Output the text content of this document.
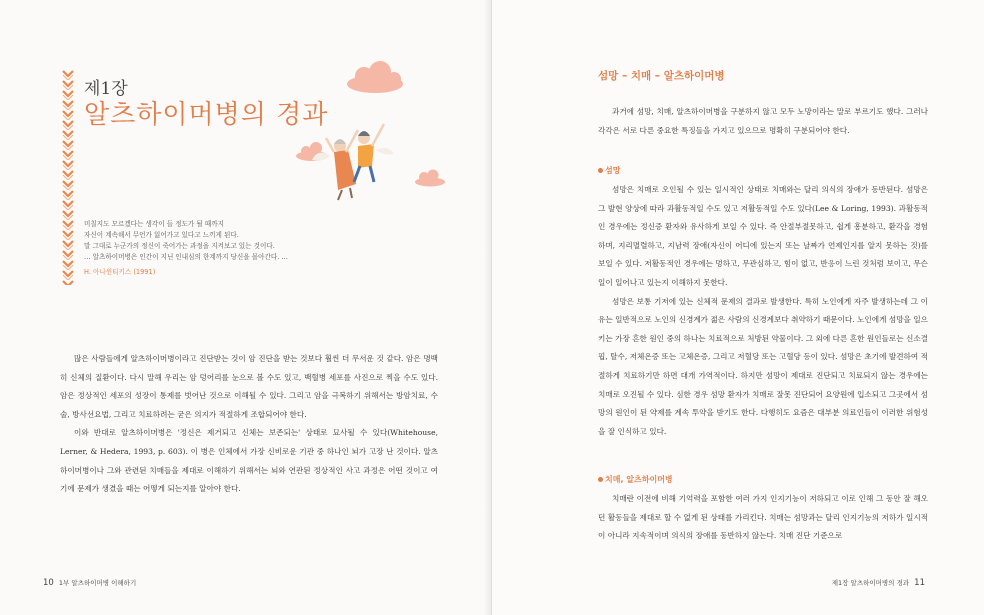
제1장
알츠하이머병의 경과

미칠지도 모르겠다는 생각이 들 정도가 될 때까지

자신이 계속해서 무언가 잃어가고 있다고 느끼게 된다.

말 그대로 누군가의 정신이 죽어가는 과정을 지켜보고 있는 것이다.

… 알츠하이머병은 인간이 지닌 인내심의 한계까지 당신을 몰아간다. …

H. 아나윈티키스 (1991)

많은 사람들에게 알츠하이머병이라고 진단받는 것이 암 진단을 받는 것보다 훨씬 더 무서운 것 같다. 암은 명백히 신체의 질환이다. 다시 말해 우리는 암 덩어리를 눈으로 볼 수도 있고, 백혈병 세포를 사진으로 찍을 수도 있다. 암은 정상적인 세포의 성장이 통제를 벗어난 것으로 이해될 수 있다. 그리고 암을 극복하기 위해서는 방암치료, 수술, 방사선요법, 그리고 치료하려는 굳은 의지가 적절하게 조합되어야 한다.

이와 반대로 알츠하이머병은 '정신은 제거되고 신체는 보존되는' 상태로 묘사될 수 있다(Whitehouse, Lerner, & Hedera, 1993, p. 603). 이 병은 인체에서 가장 신비로운 기관 중 하나인 뇌가 고장 난 것이다. 알츠하이머병이나 그와 관련된 치매들을 제대로 이해하기 위해서는 뇌와 연관된 정상적인 사고 과정은 어떤 것이고 여기에 문제가 생겼을 때는 어떻게 되는지를 알아야 한다.

10 1부 알츠하이머병 이해하기
섬망 – 치매 – 알츠하이머병

과거에 섬망, 치매, 알츠하이머병을 구분하지 않고 모두 노망이라는 말로 부르기도 했다. 그러나 각각은 서로 다른 중요한 특징들을 가지고 있으므로 명확히 구분되어야 한다.

섬망

섬망은 치매로 오인될 수 있는 일시적인 상태로 치매와는 달리 의식의 장애가 동반된다. 섬망은 그 발현 양상에 따라 과활동적일 수도 있고 저활동적일 수도 있다(Lee & Loring, 1993). 과활동적인 경우에는 정신증 환자와 유사하게 보일 수 있다. 즉 안절부절못하고, 쉽게 흥분하고, 환각을 경험하며, 지리멸렬하고, 지남력 장애(자신이 어디에 있는지 또는 날짜가 언제인지를 알지 못하는 것)를 보일 수 있다. 저활동적인 경우에는 멍하고, 무관심하고, 힘이 없고, 반응이 느린 것처럼 보이고, 무슨 일이 일어나고 있는지 이해하지 못한다.

섬망은 보통 기저에 있는 신체적 문제의 결과로 발생한다. 특히 노인에게 자주 발생하는데 그 이유는 일반적으로 노인의 신경계가 젊은 사람의 신경계보다 취약하기 때문이다. 노인에게 섬망을 일으키는 가장 흔한 원인 중의 하나는 치료적으로 처방된 약물이다. 그 외에 다른 흔한 원인들로는 신소결핍, 탈수, 저체온증 또는 고체온증, 그리고 저혈당 또는 고혈당 등이 있다. 섬망은 초기에 발견하여 적절하게 치료하기만 하면 대개 가역적이다. 하지만 섬망이 제대로 진단되고 치료되지 않는 경우에는 치매로 오진될 수 있다. 심한 경우 섬망 환자가 치매로 잘못 진단되어 요양원에 입소되고 그곳에서 섬망의 원인이 된 약제를 계속 투약을 받기도 한다. 다행히도 요즘은 대부분 의료인들이 이러한 위험성을 잘 인식하고 있다.

치매, 알츠하이머병

치매란 이전에 비해 기억력을 포함한 여러 가지 인지기능이 저하되고 이로 인해 그 동안 잘 해오던 활동들을 제대로 할 수 없게 된 상태를 가리킨다. 치매는 섬망과는 달리 인지기능의 저하가 일시적이 아니라 지속적이며 의식의 장애를 동반하지 않는다. 치매 진단 기준으로

제1장 알츠하이머병의 경과 11
